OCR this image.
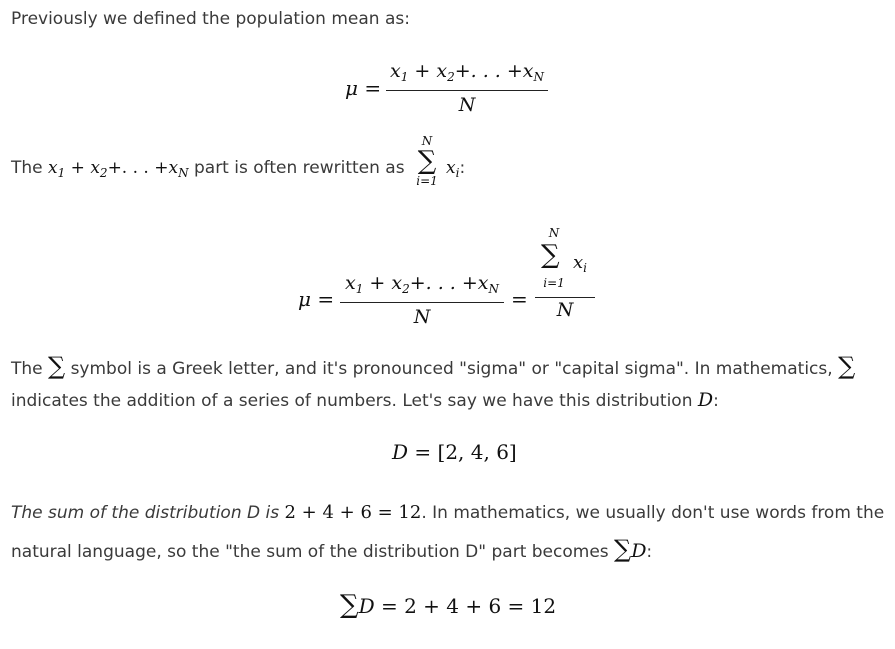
Previously we defined the population mean as:
μ =
$x_1 + x_2+$. . . $+x_N$
N
The $x_1 + x_2+$. . . $+x_N$ part is often rewritten as
N
∑
i=1
$x_i$:
μ =
$x_1 + x_2+$. . . $+x_N$
N
=
N
∑
i=1
$x_i$
N
The ∑ symbol is a Greek letter, and it's pronounced "sigma" or "capital sigma". In mathematics, ∑
indicates the addition of a series of numbers. Let's say we have this distribution D:
D = [2, 4, 6]
The sum of the distribution D is 2 + 4 + 6 = 12. In mathematics, we usually don't use words from the
natural language, so the "the sum of the distribution D" part becomes ∑D:
∑D = 2 + 4 + 6 = 12
